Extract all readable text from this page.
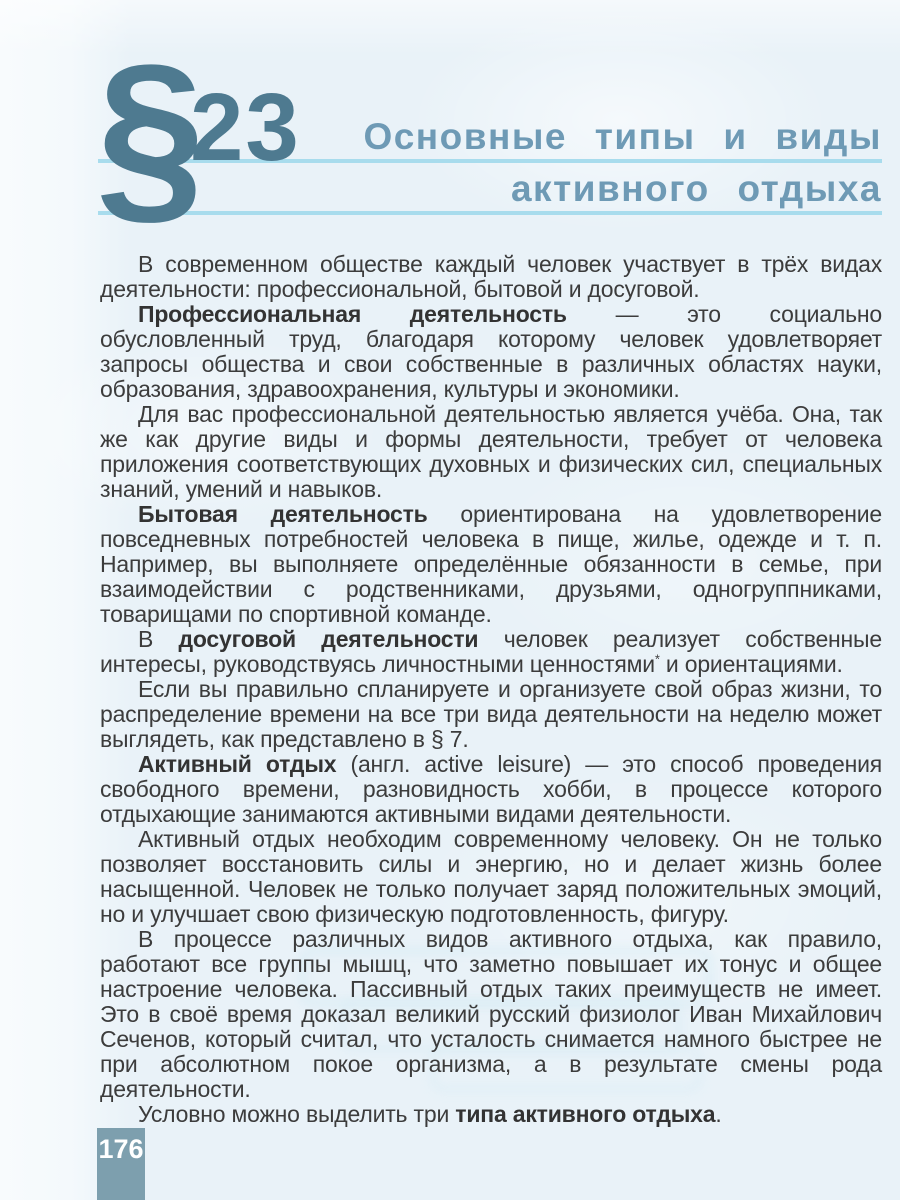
§
23 Основные типы и виды
активного отдыха

В современном обществе каждый человек участвует в трёх видах деятельности: профессиональной, бытовой и досуговой.

Профессиональная деятельность — это социально обусловленный труд, благодаря которому человек удовлетворяет запросы общества и свои собственные в различных областях науки, образования, здравоохранения, культуры и экономики.

Для вас профессиональной деятельностью является учёба. Она, так же как другие виды и формы деятельности, требует от человека приложения соответствующих духовных и физических сил, специальных знаний, умений и навыков.

Бытовая деятельность ориентирована на удовлетворение повседневных потребностей человека в пище, жилье, одежде и т. п. Например, вы выполняете определённые обязанности в семье, при взаимодействии с родственниками, друзьями, одногруппниками, товарищами по спортивной команде.

В досуговой деятельности человек реализует собственные интересы, руководствуясь личностными ценностями* и ориентациями.

Если вы правильно спланируете и организуете свой образ жизни, то распределение времени на все три вида деятельности на неделю может выглядеть, как представлено в § 7.

Активный отдых (англ. active leisure) — это способ проведения свободного времени, разновидность хобби, в процессе которого отдыхающие занимаются активными видами деятельности.

Активный отдых необходим современному человеку. Он не только позволяет восстановить силы и энергию, но и делает жизнь более насыщенной. Человек не только получает заряд положительных эмоций, но и улучшает свою физическую подготовленность, фигуру.

В процессе различных видов активного отдыха, как правило, работают все группы мышц, что заметно повышает их тонус и общее настроение человека. Пассивный отдых таких преимуществ не имеет. Это в своё время доказал великий русский физиолог Иван Михайлович Сеченов, который считал, что усталость снимается намного быстрее не при абсолютном покое организма, а в результате смены рода деятельности.

Условно можно выделить три типа активного отдыха.

176
